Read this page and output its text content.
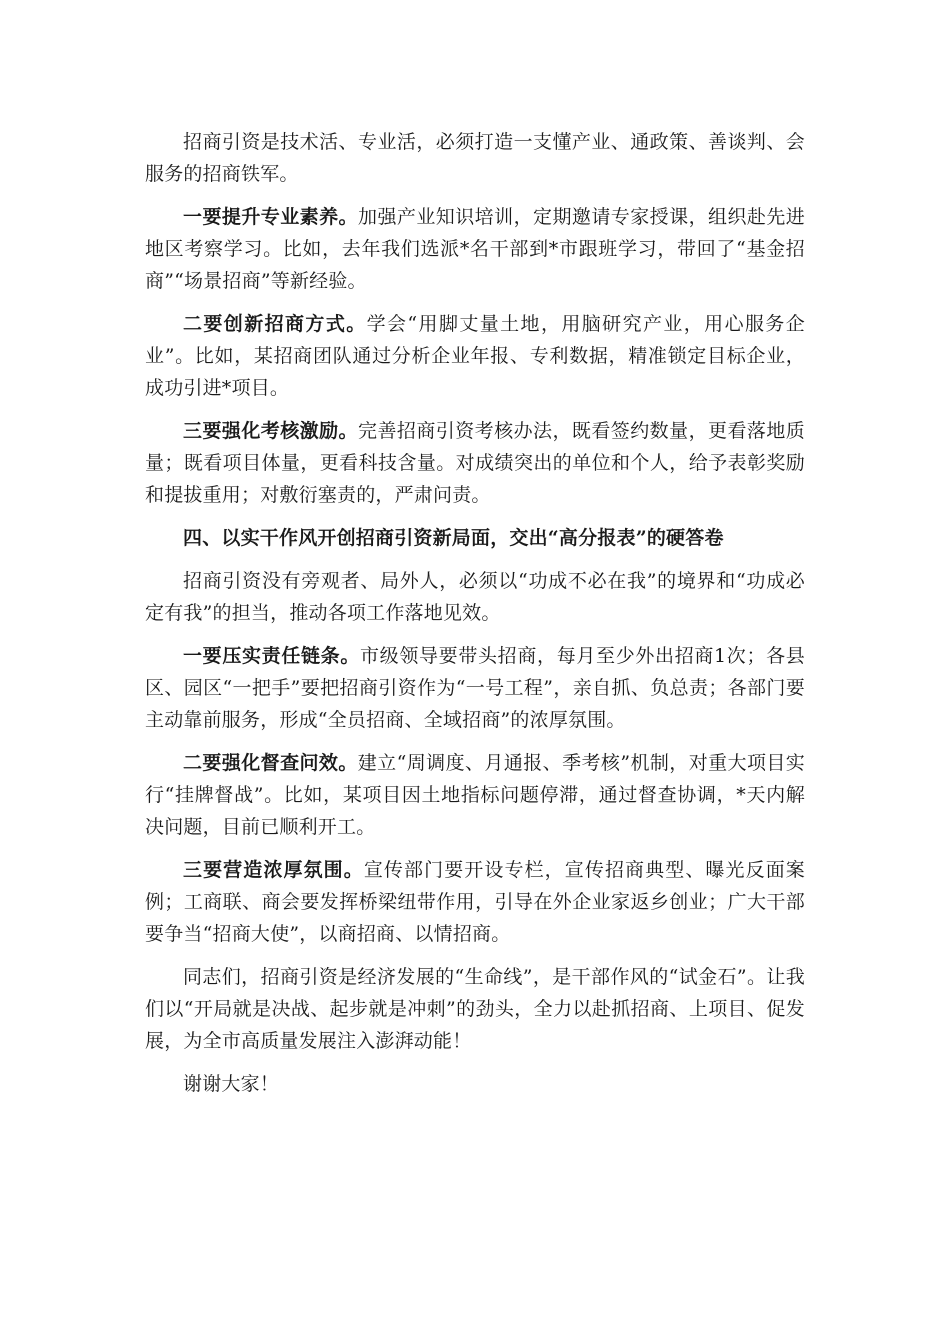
招商引资是技术活、专业活，必须打造一支懂产业、通政策、善谈判、会服务的招商铁军。

一要提升专业素养。加强产业知识培训，定期邀请专家授课，组织赴先进地区考察学习。比如，去年我们选派*名干部到*市跟班学习，带回了“基金招商”“场景招商”等新经验。

二要创新招商方式。学会“用脚丈量土地，用脑研究产业，用心服务企业”。比如，某招商团队通过分析企业年报、专利数据，精准锁定目标企业，成功引进*项目。

三要强化考核激励。完善招商引资考核办法，既看签约数量，更看落地质量；既看项目体量，更看科技含量。对成绩突出的单位和个人，给予表彰奖励和提拔重用；对敷衍塞责的，严肃问责。

四、以实干作风开创招商引资新局面，交出“高分报表”的硬答卷

招商引资没有旁观者、局外人，必须以“功成不必在我”的境界和“功成必定有我”的担当，推动各项工作落地见效。

一要压实责任链条。市级领导要带头招商，每月至少外出招商1次；各县区、园区“一把手”要把招商引资作为“一号工程”，亲自抓、负总责；各部门要主动靠前服务，形成“全员招商、全域招商”的浓厚氛围。

二要强化督查问效。建立“周调度、月通报、季考核”机制，对重大项目实行“挂牌督战”。比如，某项目因土地指标问题停滞，通过督查协调，*天内解决问题，目前已顺利开工。

三要营造浓厚氛围。宣传部门要开设专栏，宣传招商典型、曝光反面案例；工商联、商会要发挥桥梁纽带作用，引导在外企业家返乡创业；广大干部要争当“招商大使”，以商招商、以情招商。

同志们，招商引资是经济发展的“生命线”，是干部作风的“试金石”。让我们以“开局就是决战、起步就是冲刺”的劲头，全力以赴抓招商、上项目、促发展，为全市高质量发展注入澎湃动能！

谢谢大家！
